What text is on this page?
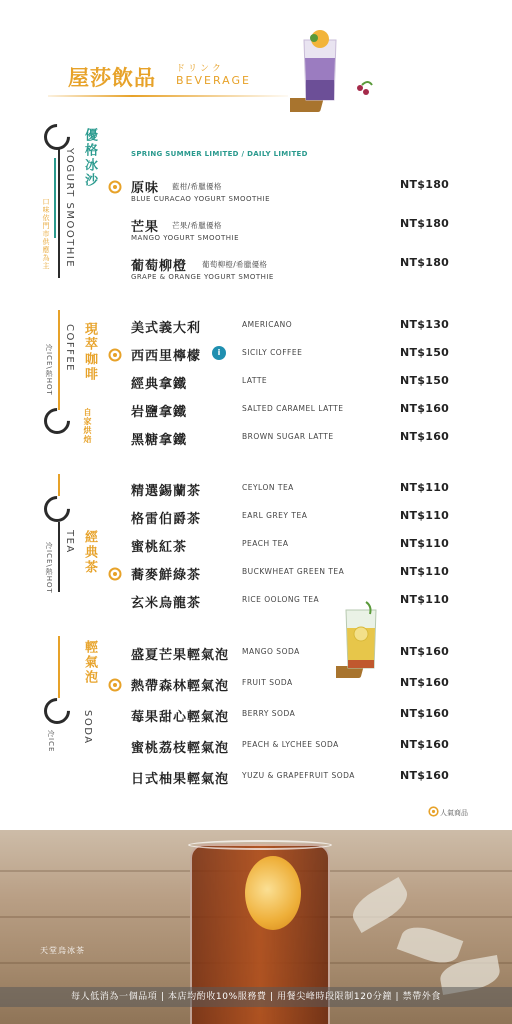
屋莎飲品 ドリンク
BEVERAGE
優格冰沙
YOGURT SMOOTHIE
口味依門市供應為主
SPRING SUMMER LIMITED / DAILY LIMITED
原味 藍柑/希臘優格
BLUE CURACAO YOGURT SMOOTHIE
NT$180
芒果 芒果/希臘優格
MANGO YOGURT SMOOTHIE
NT$180
葡萄柳橙 葡萄柳橙/希臘優格
GRAPE & ORANGE YOGURT SMOTHIE
NT$180
現萃咖啡
COFFEE
冷ICE\熱HOT
自家烘焙
美式義大利	AMERICANO	NT$130
西西里檸檬	i	SICILY COFFEE	NT$150
經典拿鐵	LATTE	NT$150
岩鹽拿鐵	SALTED CARAMEL LATTE	NT$160
黑糖拿鐵	BROWN SUGAR LATTE	NT$160
經典茶
TEA
冷ICE\熱HOT
精選錫蘭茶	CEYLON TEA	NT$110
格雷伯爵茶	EARL GREY TEA	NT$110
蜜桃紅茶	PEACH TEA	NT$110
蕎麥鮮綠茶	BUCKWHEAT GREEN TEA	NT$110
玄米烏龍茶	RICE OOLONG TEA	NT$110
輕氣泡
SODA
冷ICE
盛夏芒果輕氣泡 MANGO SODA	NT$160
熱帶森林輕氣泡 FRUIT SODA	NT$160
莓果甜心輕氣泡 BERRY SODA	NT$160
蜜桃荔枝輕氣泡 PEACH & LYCHEE SODA	NT$160
日式柚果輕氣泡 YUZU & GRAPEFRUIT SODA	NT$160
人氣商品
天堂烏冰茶
每人低消為一個品項 | 本店均酌收10%服務費 | 用餐尖峰時段限制120分鐘 | 禁帶外食
